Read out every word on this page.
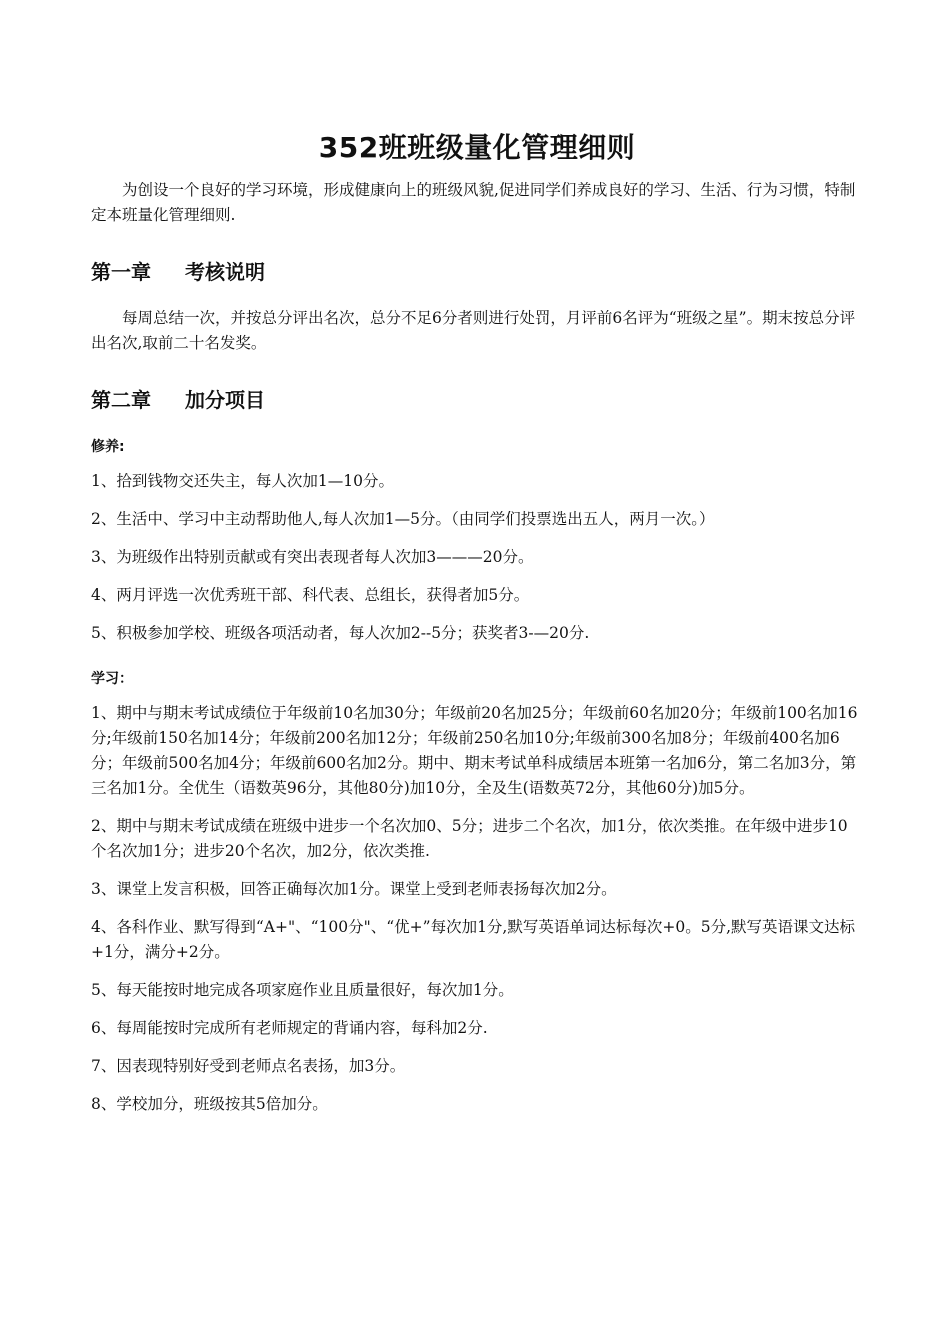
352班班级量化管理细则

为创设一个良好的学习环境，形成健康向上的班级风貌,促进同学们养成良好的学习、生活、行为习惯，特制定本班量化管理细则.

第一章 考核说明

每周总结一次，并按总分评出名次，总分不足6分者则进行处罚，月评前6名评为“班级之星”。期末按总分评出名次,取前二十名发奖。

第二章 加分项目
修养:

1、拾到钱物交还失主，每人次加1—10分。

2、生活中、学习中主动帮助他人,每人次加1—5分。（由同学们投票选出五人，两月一次。）

3、为班级作出特别贡献或有突出表现者每人次加3———20分。

4、两月评选一次优秀班干部、科代表、总组长，获得者加5分。

5、积极参加学校、班级各项活动者，每人次加2--5分；获奖者3-—20分.

学习：

1、期中与期末考试成绩位于年级前10名加30分；年级前20名加25分；年级前60名加20分；年级前100名加16分;年级前150名加14分；年级前200名加12分；年级前250名加10分;年级前300名加8分；年级前400名加6分；年级前500名加4分；年级前600名加2分。期中、期末考试单科成绩居本班第一名加6分，第二名加3分，第三名加1分。全优生（语数英96分，其他80分)加10分，全及生(语数英72分，其他60分)加5分。

2、期中与期末考试成绩在班级中进步一个名次加0、5分；进步二个名次，加1分，依次类推。在年级中进步10个名次加1分；进步20个名次，加2分，依次类推.

3、课堂上发言积极，回答正确每次加1分。课堂上受到老师表扬每次加2分。

4、各科作业、默写得到“A+"、“100分"、“优+”每次加1分,默写英语单词达标每次+0。5分,默写英语课文达标+1分，满分+2分。

5、每天能按时地完成各项家庭作业且质量很好，每次加1分。

6、每周能按时完成所有老师规定的背诵内容，每科加2分.

7、因表现特别好受到老师点名表扬，加3分。

8、学校加分，班级按其5倍加分。
